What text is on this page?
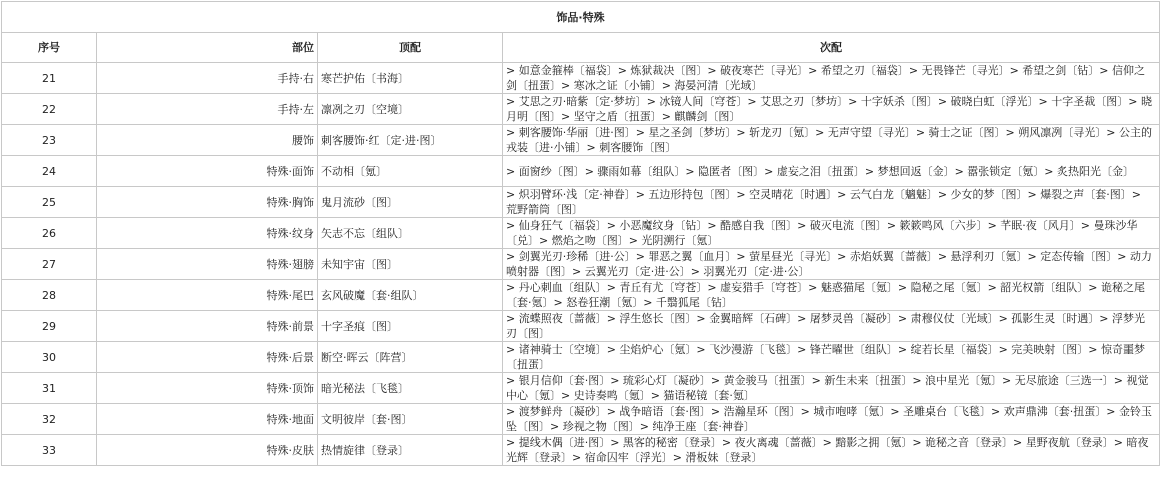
饰品·特殊			
序号	部位	顶配	次配
21	手持·右	寒芒护佑〔书海〕	> 如意金箍棒〔福袋〕> 炼狱裁决〔图〕> 破夜寒芒〔寻光〕> 希望之刃〔福袋〕> 无畏锋芒〔寻光〕> 希望之剑〔钻〕> 信仰之剑〔扭蛋〕> 寒冰之证〔小铺〕> 海晏河清〔光域〕

22	手持·左	凛冽之刃〔空境〕	> 艾思之刃·暗紫〔定·梦坊〕> 冰镜人间〔穹苍〕> 艾思之刃〔梦坊〕> 十字妖杀〔图〕> 破晓白虹〔浮光〕> 十字圣裁〔图〕> 晓月明〔图〕> 坚守之盾〔扭蛋〕> 麒麟剑〔图〕

23	腰饰	刺客腰饰·红〔定·进·图〕	> 刺客腰饰·华丽〔进·图〕> 星之圣剑〔梦坊〕> 斩龙刃〔氪〕> 无声守望〔寻光〕> 骑士之证〔图〕> 朔风凛冽〔寻光〕> 公主的戎装〔进·小铺〕> 刺客腰饰〔图〕

24	特殊·面饰	不动相〔氪〕	> 面窗纱〔图〕> 骤雨如幕〔组队〕> 隐匿者〔图〕> 虚妄之泪〔扭蛋〕> 梦想回返〔金〕> 嚣张锁定〔氪〕> 炙热阳光〔金〕

25	特殊·胸饰	鬼月流砂〔图〕	> 炽羽臂环·浅〔定·神眷〕> 五边形持包〔图〕> 空灵晴花〔时遇〕> 云气白龙〔魑魅〕> 少女的梦〔图〕> 爆裂之声〔套·图〕> 荒野箭筒〔图〕

26	特殊·纹身	矢志不忘〔组队〕	> 仙身狂气〔福袋〕> 小恶魔纹身〔钻〕> 酷感自我〔图〕> 破灭电流〔图〕> 簌簌鸣风〔六步〕> 芊眠·夜〔风月〕> 曼珠沙华〔兑〕> 燃焰之吻〔图〕> 光阴溯行〔氪〕

27	特殊·翅膀	未知宇宙〔图〕	> 剑翼光刃·珍稀〔进·公〕> 罪恶之翼〔血月〕> 萤星昼光〔寻光〕> 赤焰妖翼〔蔷薇〕> 悬浮利刃〔氪〕> 定态传输〔图〕> 动力喷射器〔图〕> 云翼光刃〔定·进·公〕> 羽翼光刃〔定·进·公〕

28	特殊·尾巴	玄风破魔〔套·组队〕	> 丹心刺血〔组队〕> 青丘有尤〔穹苍〕> 虚妄猎手〔穹苍〕> 魅惑猫尾〔氪〕> 隐秘之尾〔氪〕> 韶光权箭〔组队〕> 诡秘之尾〔套·氪〕> 怒卷狂潮〔氪〕> 千翳狐尾〔钻〕

29	特殊·前景	十字圣痕〔图〕	> 流蝶照夜〔蔷薇〕> 浮生悠长〔图〕> 金翼暗辉〔石碑〕> 屠梦灵兽〔凝砂〕> 肃穆仪仗〔光域〕> 孤影生灵〔时遇〕> 浮梦光刃〔图〕

30	特殊·后景	断空·晖云〔阵营〕	> 诸神骑士〔空境〕> 尘焰炉心〔氪〕> 飞沙漫游〔飞毯〕> 锋芒曜世〔组队〕> 绽若长星〔福袋〕> 完美映射〔图〕> 惊奇噩梦〔扭蛋〕

31	特殊·顶饰	暗光秘法〔飞毯〕	> 银月信仰〔套·图〕> 琉彩心灯〔凝砂〕> 黄金骏马〔扭蛋〕> 新生未来〔扭蛋〕> 浪中星光〔氪〕> 无尽旅途〔三选一〕> 视觉中心〔氪〕> 史诗奏鸣〔氪〕> 猫语秘镜〔套·氪〕

32	特殊·地面	文明彼岸〔套·图〕	> 渡梦鲜舟〔凝砂〕> 战争暗语〔套·图〕> 浩瀚星环〔图〕> 城市咆哮〔氪〕> 圣雕桌台〔飞毯〕> 欢声鼎沸〔套·扭蛋〕> 金铃玉坠〔图〕> 珍视之物〔图〕> 纯净王座〔套·神眷〕

33	特殊·皮肤	热情旋律〔登录〕	> 提线木偶〔进·图〕> 黑客的秘密〔登录〕> 夜火离魂〔蔷薇〕> 黯影之拥〔氪〕> 诡秘之音〔登录〕> 星野夜航〔登录〕> 暗夜光辉〔登录〕> 宿命囚牢〔浮光〕> 滑板妹〔登录〕
